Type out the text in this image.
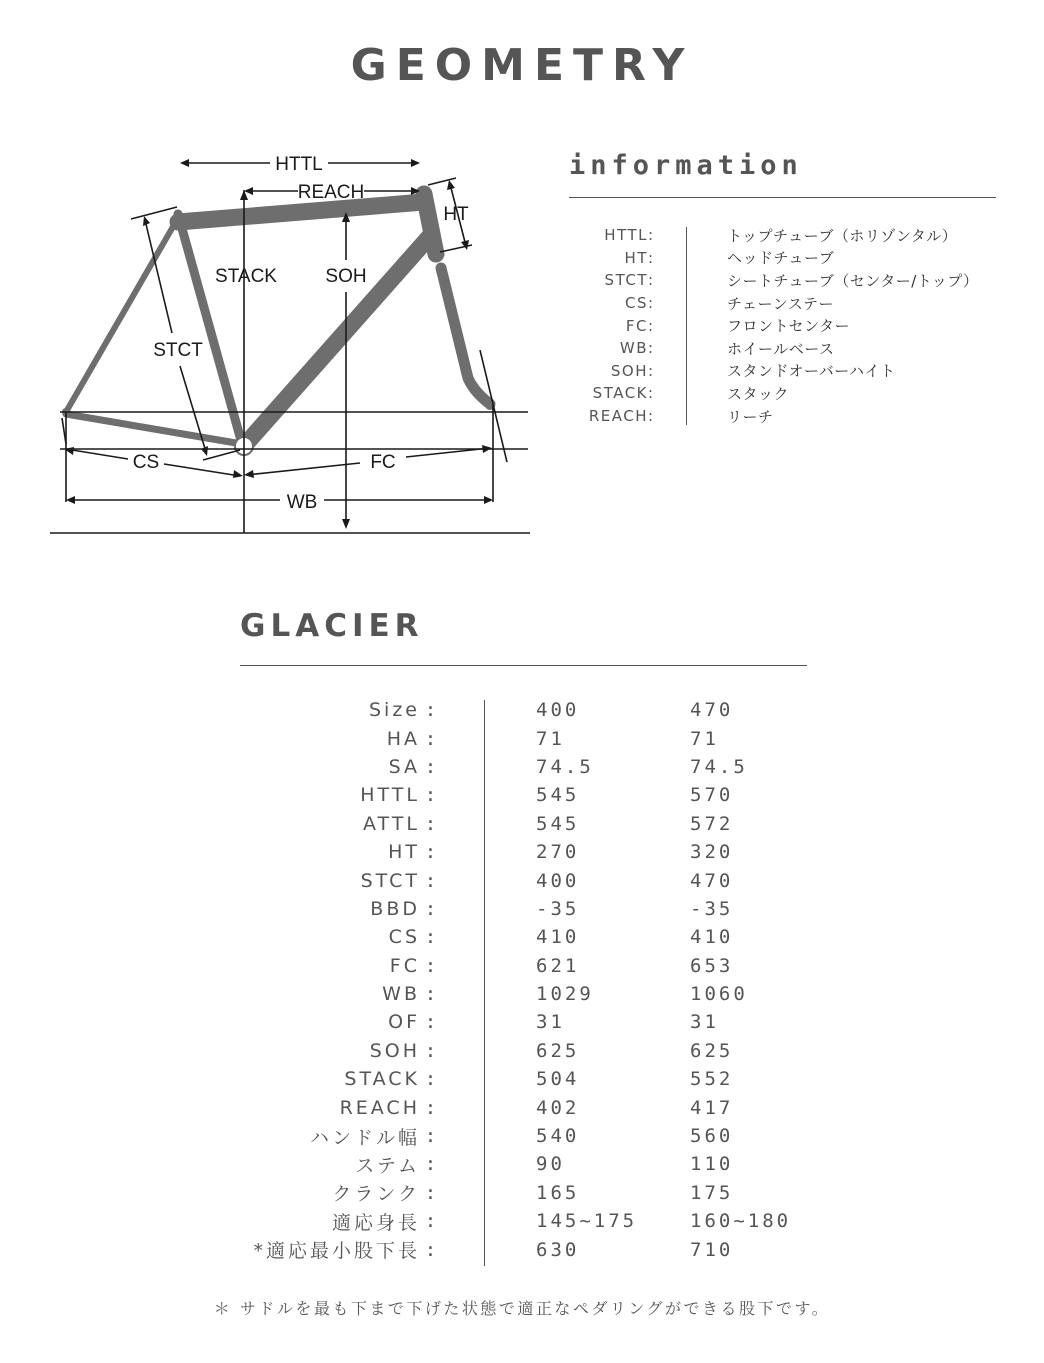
GEOMETRY
HTTL
REACH
HT
STACK	SOH
STCT
CS	FC
WB
information
HTTL :	トップチューブ（ホリゾンタル）
HT :	ヘッドチューブ
STCT :	シートチューブ（センター/トップ）
CS :	チェーンステー
FC :	フロントセンター
WB :	ホイールベース
SOH :	スタンドオーバーハイト
STACK :	スタック
REACH :	リーチ
GLACIER
Size :	400	470
HA :	71	71
SA :	74.5	74.5
HTTL :	545	570
ATTL :	545	572
HT :	270	320
STCT :	400	470
BBD :	-35	-35
CS :	410	410
FC :	621	653
WB :	1029	1060
OF :	31	31
SOH :	625	625
STACK :	504	552
REACH :	402	417
ハンドル幅 :	540	560
ステム :	90	110
クランク :	165	175
適応身長 :	145~175	160~180
*適応最小股下長 :	630	710

＊ サドルを最も下まで下げた状態で適正なペダリングができる股下です。
